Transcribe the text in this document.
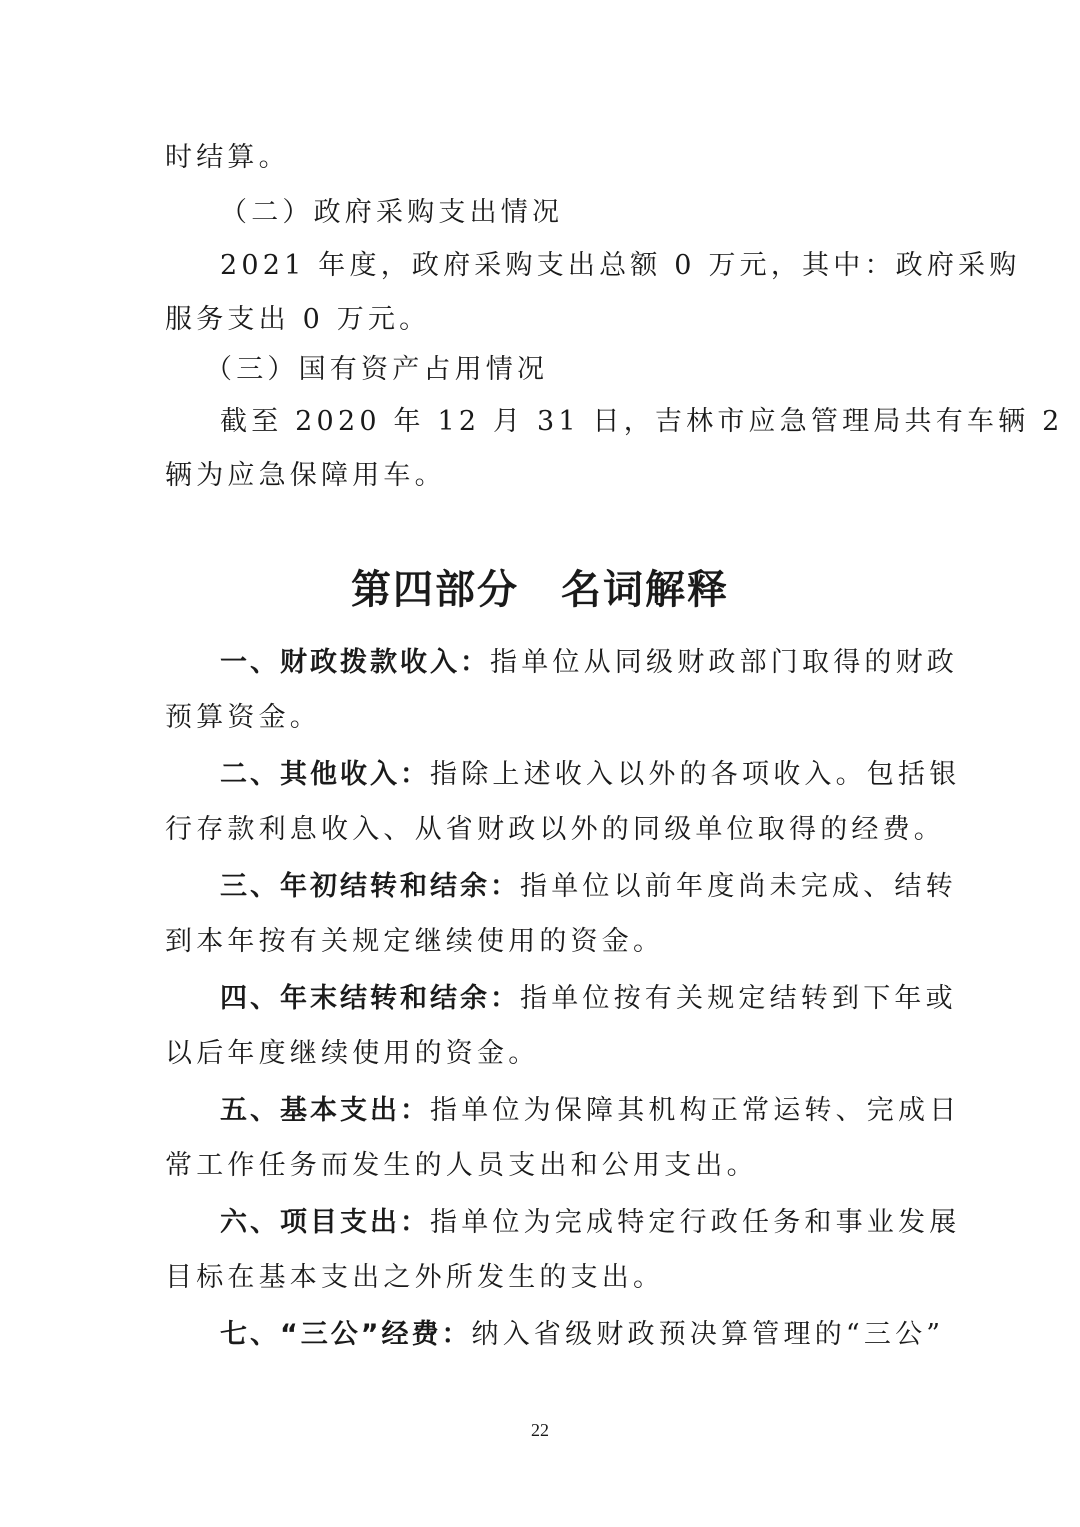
时结算。
（二）政府采购支出情况
2021 年度，政府采购支出总额 0 万元，其中：政府采购
服务支出 0 万元。
（三）国有资产占用情况
截至 2020 年 12 月 31 日，吉林市应急管理局共有车辆 2
辆为应急保障用车。
第四部分　名词解释
一、财政拨款收入：指单位从同级财政部门取得的财政
预算资金。
二、其他收入：指除上述收入以外的各项收入。包括银
行存款利息收入、从省财政以外的同级单位取得的经费。
三、年初结转和结余：指单位以前年度尚未完成、结转
到本年按有关规定继续使用的资金。
四、年末结转和结余：指单位按有关规定结转到下年或
以后年度继续使用的资金。
五、基本支出：指单位为保障其机构正常运转、完成日
常工作任务而发生的人员支出和公用支出。
六、项目支出：指单位为完成特定行政任务和事业发展
目标在基本支出之外所发生的支出。
七、“三公”经费：纳入省级财政预决算管理的“三公”
22
